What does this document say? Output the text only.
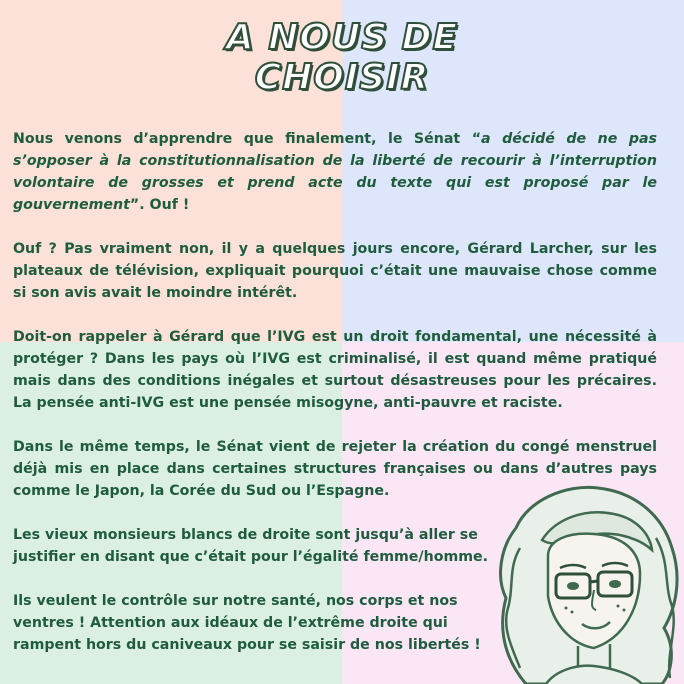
A NOUS DE
CHOISIR

Nous venons d’apprendre que finalement, le Sénat “a décidé de ne pas s’opposer à la constitutionnalisation de la liberté de recourir à l’interruption volontaire de grosses et prend acte du texte qui est proposé par le gouvernement”. Ouf !

Ouf ? Pas vraiment non, il y a quelques jours encore, Gérard Larcher, sur les plateaux de télévision, expliquait pourquoi c’était une mauvaise chose comme si son avis avait le moindre intérêt.

Doit-on rappeler à Gérard que l’IVG est un droit fondamental, une nécessité à protéger ? Dans les pays où l’IVG est criminalisé, il est quand même pratiqué mais dans des conditions inégales et surtout désastreuses pour les précaires. La pensée anti-IVG est une pensée misogyne, anti-pauvre et raciste.

Dans le même temps, le Sénat vient de rejeter la création du congé menstruel déjà mis en place dans certaines structures françaises ou dans d’autres pays comme le Japon, la Corée du Sud ou l’Espagne.

Les vieux monsieurs blancs de droite sont jusqu’à aller se justifier en disant que c’était pour l’égalité femme/homme.

Ils veulent le contrôle sur notre santé, nos corps et nos ventres ! Attention aux idéaux de l’extrême droite qui rampent hors du caniveaux pour se saisir de nos libertés !
